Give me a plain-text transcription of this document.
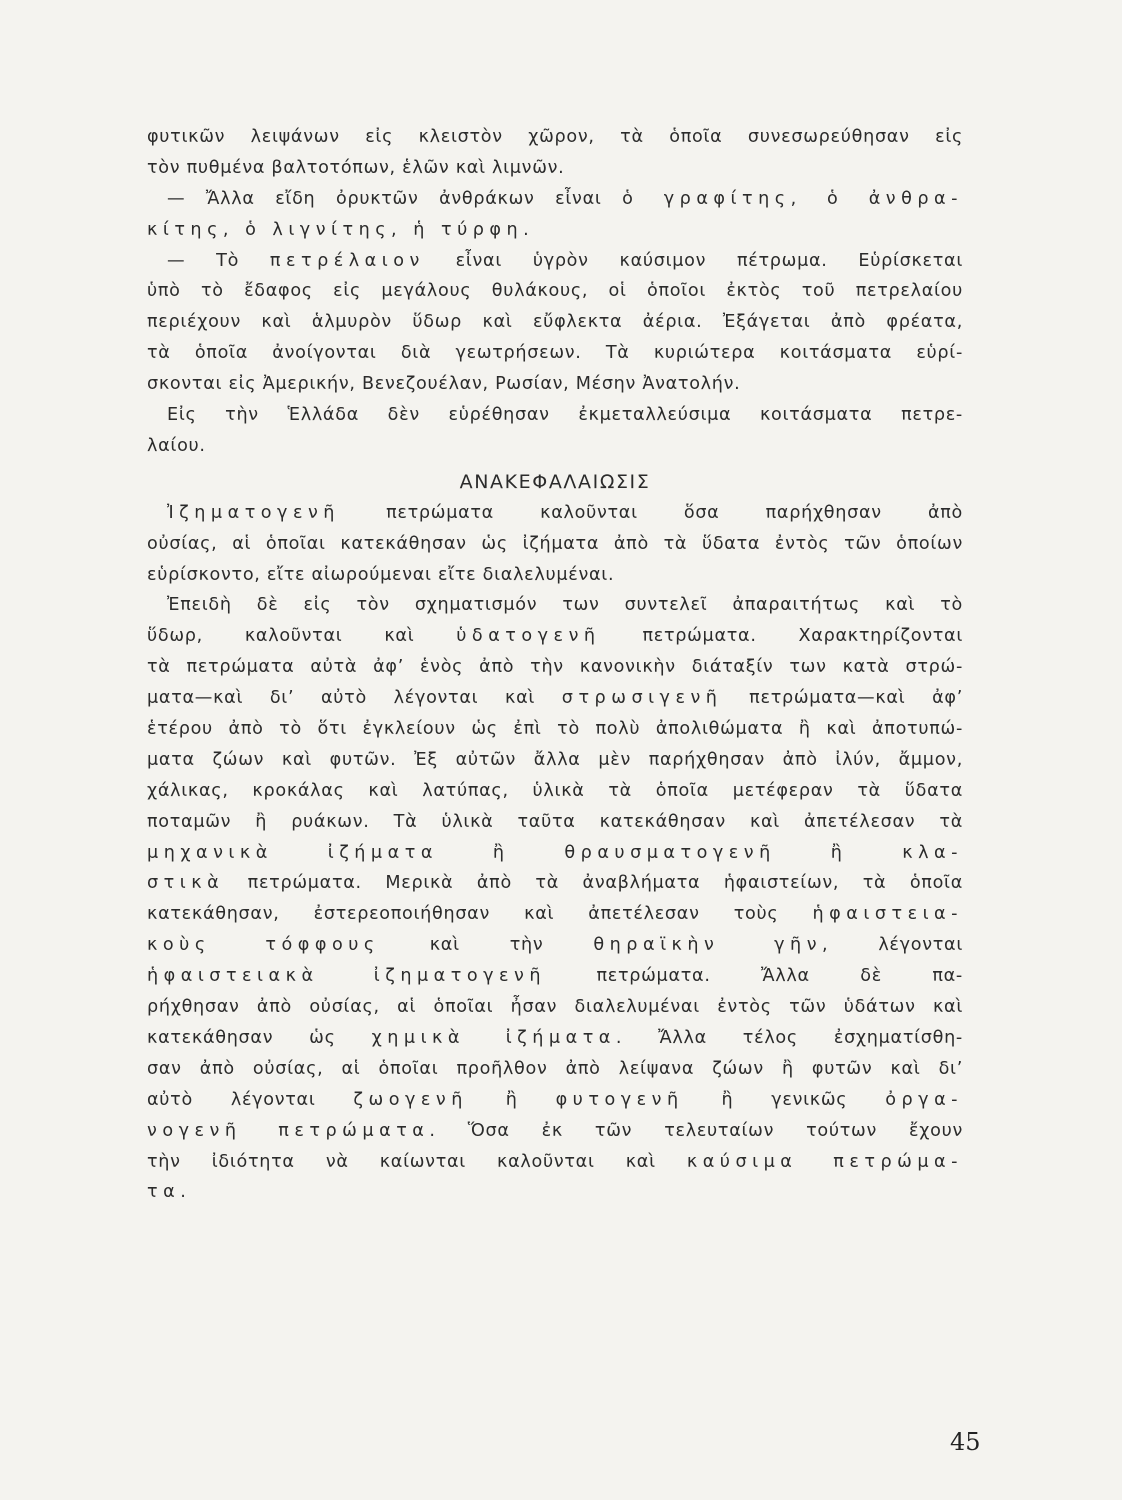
φυτικῶν λειψάνων εἰς κλειστὸν χῶρον, τὰ ὁποῖα συνεσωρεύθησαν εἰς
τὸν πυθμένα βαλτοτόπων, ἑλῶν καὶ λιμνῶν.
— Ἄλλα εἴδη ὀρυκτῶν ἀνθράκων εἶναι ὁ γραφίτης, ὁ ἀνθρα-
κίτης, ὁ λιγνίτης, ἡ τύρφη.
— Τὸ πετρέλαιον εἶναι ὑγρὸν καύσιμον πέτρωμα. Εὑρίσκεται
ὑπὸ τὸ ἔδαφος εἰς μεγάλους θυλάκους, οἱ ὁποῖοι ἐκτὸς τοῦ πετρελαίου
περιέχουν καὶ ἁλμυρὸν ὕδωρ καὶ εὔφλεκτα ἀέρια. Ἐξάγεται ἀπὸ φρέατα,
τὰ ὁποῖα ἀνοίγονται διὰ γεωτρήσεων. Τὰ κυριώτερα κοιτάσματα εὑρί-
σκονται εἰς Ἀμερικήν, Βενεζουέλαν, Ρωσίαν, Μέσην Ἀνατολήν.
Εἰς τὴν Ἑλλάδα δὲν εὑρέθησαν ἐκμεταλλεύσιμα κοιτάσματα πετρε-
λαίου.
ΑΝΑΚΕΦΑΛΑΙΩΣΙΣ
Ἰζηματογενῆ πετρώματα καλοῦνται ὅσα παρήχθησαν ἀπὸ
οὐσίας, αἱ ὁποῖαι κατεκάθησαν ὡς ἰζήματα ἀπὸ τὰ ὕδατα ἐντὸς τῶν ὁποίων
εὑρίσκοντο, εἴτε αἰωρούμεναι εἴτε διαλελυμέναι.
Ἐπειδὴ δὲ εἰς τὸν σχηματισμόν των συντελεῖ ἀπαραιτήτως καὶ τὸ
ὕδωρ, καλοῦνται καὶ ὑδατογενῆ πετρώματα. Χαρακτηρίζονται
τὰ πετρώματα αὐτὰ ἀφ’ ἑνὸς ἀπὸ τὴν κανονικὴν διάταξίν των κατὰ στρώ-
ματα—καὶ δι’ αὐτὸ λέγονται καὶ στρωσιγενῆ πετρώματα—καὶ ἀφ’
ἑτέρου ἀπὸ τὸ ὅτι ἐγκλείουν ὡς ἐπὶ τὸ πολὺ ἀπολιθώματα ἢ καὶ ἀποτυπώ-
ματα ζώων καὶ φυτῶν. Ἐξ αὐτῶν ἄλλα μὲν παρήχθησαν ἀπὸ ἰλύν, ἄμμον,
χάλικας, κροκάλας καὶ λατύπας, ὑλικὰ τὰ ὁποῖα μετέφεραν τὰ ὕδατα
ποταμῶν ἢ ρυάκων. Τὰ ὑλικὰ ταῦτα κατεκάθησαν καὶ ἀπετέλεσαν τὰ
μηχανικὰ ἰζήματα ἢ θραυσματογενῆ ἢ κλα-
στικὰ πετρώματα. Μερικὰ ἀπὸ τὰ ἀναβλήματα ἡφαιστείων, τὰ ὁποῖα
κατεκάθησαν, ἐστερεοποιήθησαν καὶ ἀπετέλεσαν τοὺς ἡφαιστεια-
κοὺς τόφφους καὶ τὴν θηραϊκὴν γῆν, λέγονται
ἡφαιστειακὰ ἰζηματογενῆ πετρώματα. Ἄλλα δὲ πα-
ρήχθησαν ἀπὸ οὐσίας, αἱ ὁποῖαι ἦσαν διαλελυμέναι ἐντὸς τῶν ὑδάτων καὶ
κατεκάθησαν ὡς χημικὰ ἰζήματα. Ἄλλα τέλος ἐσχηματίσθη-
σαν ἀπὸ οὐσίας, αἱ ὁποῖαι προῆλθον ἀπὸ λείψανα ζώων ἢ φυτῶν καὶ δι’
αὐτὸ λέγονται ζωογενῆ ἢ φυτογενῆ ἢ γενικῶς ὀργα-
νογενῆ πετρώματα. Ὅσα ἐκ τῶν τελευταίων τούτων ἔχουν
τὴν ἰδιότητα νὰ καίωνται καλοῦνται καὶ καύσιμα πετρώμα-
τα.
45
